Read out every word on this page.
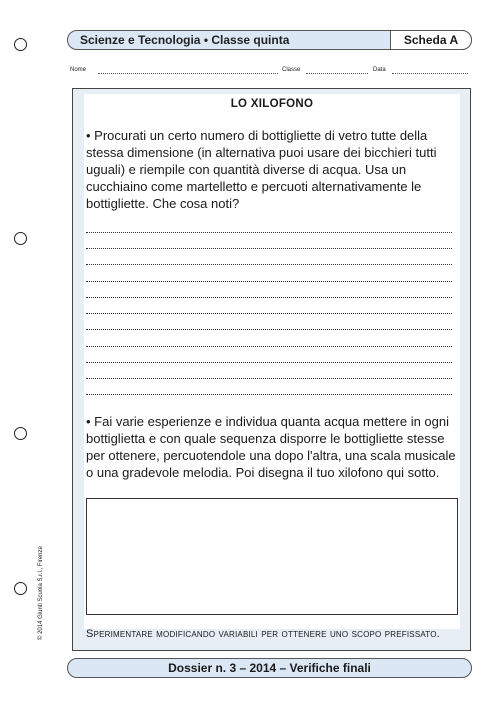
Scienze e Tecnologia • Classe quinta	Scheda A
Nome	Classe	Data
LO XILOFONO
• Procurati un certo numero di bottigliette di vetro tutte della stessa dimensione (in alternativa puoi usare dei bicchieri tutti uguali) e riempile con quantità diverse di acqua. Usa un cucchiaino come martelletto e percuoti alternativamente le bottigliette. Che cosa noti?
• Fai varie esperienze e individua quanta acqua mettere in ogni bottiglietta e con quale sequenza disporre le bottigliette stesse per ottenere, percuotendole una dopo l'altra, una scala musicale o una gradevole melodia. Poi disegna il tuo xilofono qui sotto.
Sperimentare modificando variabili per ottenere uno scopo prefissato.
Dossier n. 3 – 2014 – Verifiche finali
© 2014 Giunti Scuola S.r.l., Firenze
